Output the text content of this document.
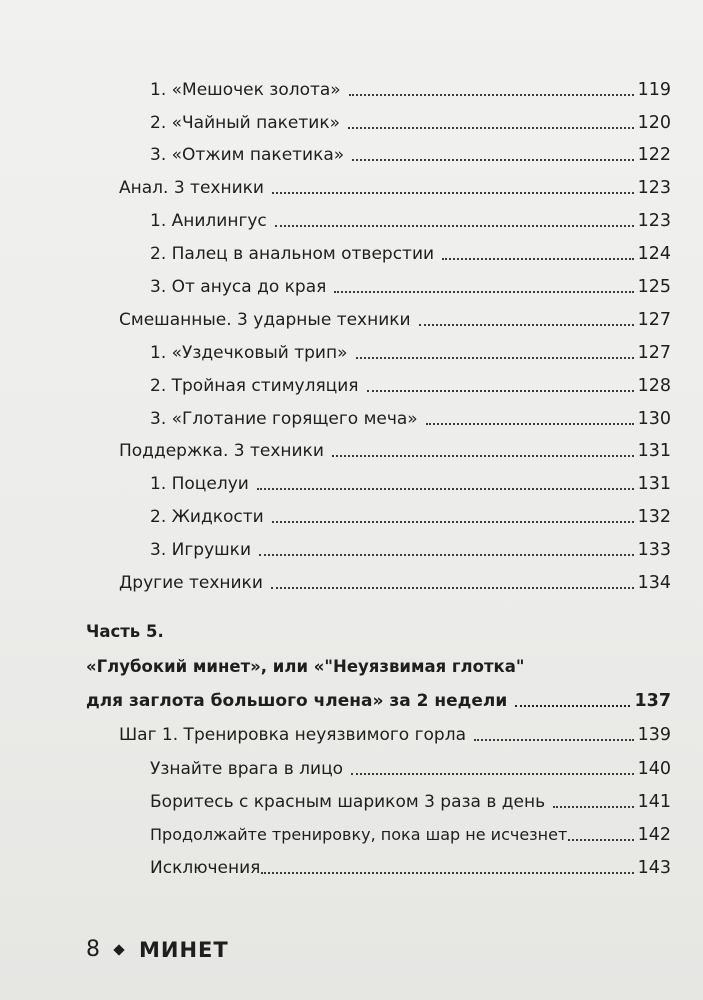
1. «Мешочек золота»	119
2. «Чайный пакетик»	120
3. «Отжим пакетика»	122
Анал. 3 техники	123
1. Анилингус	123
2. Палец в анальном отверстии	124
3. От ануса до края	125
Смешанные. 3 ударные техники	127
1. «Уздечковый трип»	127
2. Тройная стимуляция	128
3. «Глотание горящего меча»	130
Поддержка. 3 техники	131
1. Поцелуи	131
2. Жидкости	132
3. Игрушки	133
Другие техники	134
Часть 5.
«Глубокий минет», или «"Неуязвимая глотка"
для заглота большого члена» за 2 недели	137
Шаг 1. Тренировка неуязвимого горла	139
Узнайте врага в лицо	140
Боритесь с красным шариком 3 раза в день	141
Продолжайте тренировку, пока шар не исчезнет	142
Исключения	143
8 МИНЕТ
